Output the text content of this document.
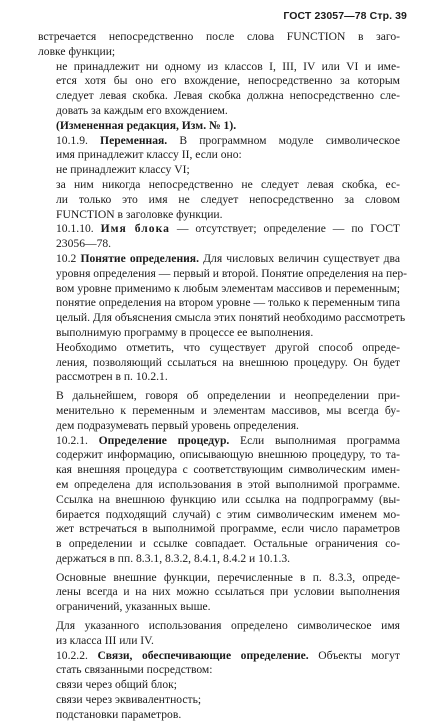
ГОСТ 23057—78 Стр. 39

встречается непосредственно после слова FUNCTION в заго-
ловке функции;

не принадлежит ни одному из классов I, III, IV или VI и име-
ется хотя бы оно его вхождение, непосредственно за которым
следует левая скобка. Левая скобка должна непосредственно сле-
довать за каждым его вхождением.

(Измененная редакция, Изм. № 1).

10.1.9. Переменная. В программном модуле символическое
имя принадлежит классу II, если оно:

не принадлежит классу VI;

за ним никогда непосредственно не следует левая скобка, ес-
ли только это имя не следует непосредственно за словом
FUNCTION в заголовке функции.

10.1.10. Имя блока — отсутствует; определение — по ГОСТ
23056—78.

10.2 Понятие определения. Для числовых величин существует два
уровня определения — первый и второй. Понятие определения на пер-
вом уровне применимо к любым элементам массивов и переменным;
понятие определения на втором уровне — только к переменным типа
целый. Для объяснения смысла этих понятий необходимо рассмотреть
выполнимую программу в процессе ее выполнения.

Необходимо отметить, что существует другой способ опреде-
ления, позволяющий ссылаться на внешнюю процедуру. Он будет
рассмотрен в п. 10.2.1.

В дальнейшем, говоря об определении и неопределении при-
менительно к переменным и элементам массивов, мы всегда бу-
дем подразумевать первый уровень определения.

10.2.1. Определение процедур. Если выполнимая программа
содержит информацию, описывающую внешнюю процедуру, то та-
кая внешняя процедура с соответствующим символическим имен-
ем определена для использования в этой выполнимой программе.
Ссылка на внешнюю функцию или ссылка на подпрограмму (вы-
бирается подходящий случай) с этим символическим именем мо-
жет встречаться в выполнимой программе, если число параметров
в определении и ссылке совпадает. Остальные ограничения со-
держаться в пп. 8.3.1, 8.3.2, 8.4.1, 8.4.2 и 10.1.3.

Основные внешние функции, перечисленные в п. 8.3.3, опреде-
лены всегда и на них можно ссылаться при условии выполнения
ограничений, указанных выше.

Для указанного использования определено символическое имя
из класса III или IV.

10.2.2. Связи, обеспечивающие определение. Объекты могут
стать связанными посредством:

связи через общий блок;

связи через эквивалентность;

подстановки параметров.
